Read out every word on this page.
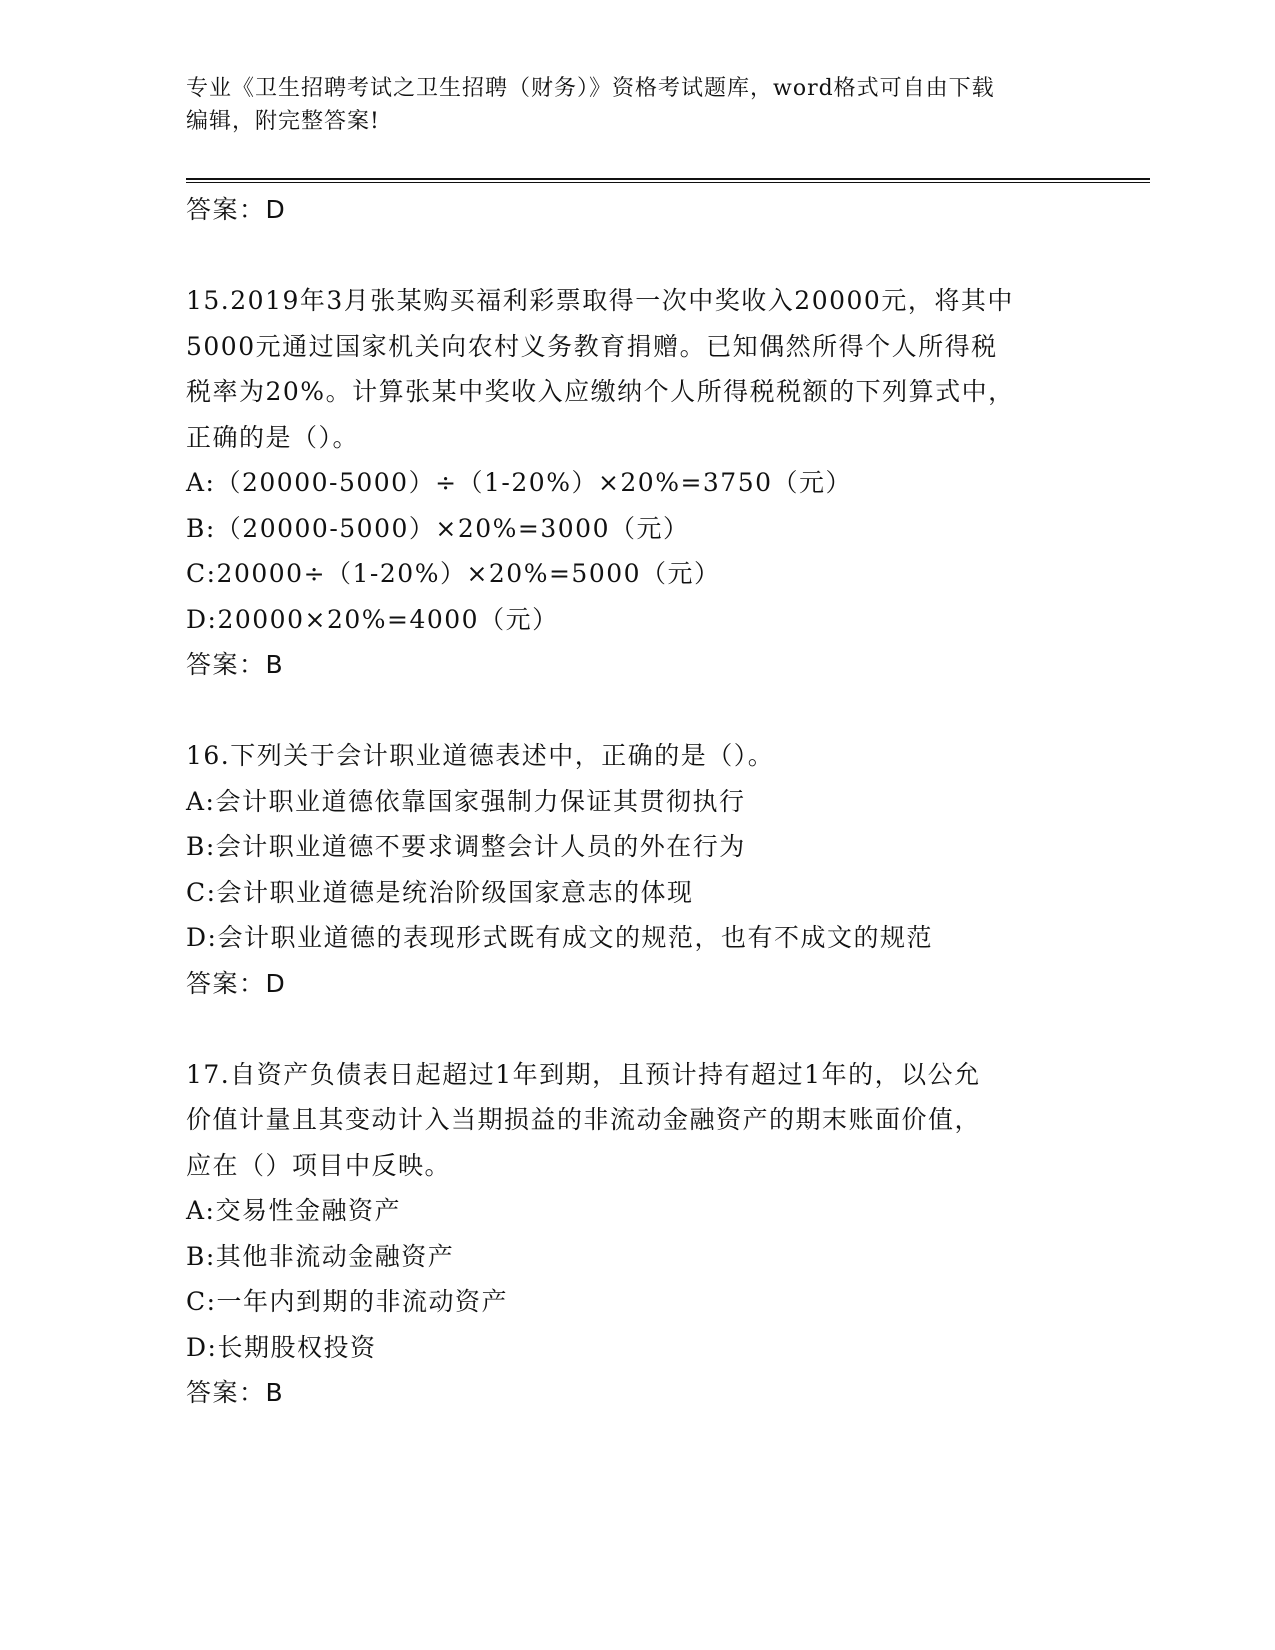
专业《卫生招聘考试之卫生招聘（财务）》资格考试题库，word格式可自由下载
编辑，附完整答案!
答案：D
15.2019年3月张某购买福利彩票取得一次中奖收入20000元，将其中
5000元通过国家机关向农村义务教育捐赠。已知偶然所得个人所得税
税率为20%。计算张某中奖收入应缴纳个人所得税税额的下列算式中，
正确的是（）。
A:（20000-5000）÷（1-20%）×20%=3750（元）
B:（20000-5000）×20%=3000（元）
C:20000÷（1-20%）×20%=5000（元）
D:20000×20%=4000（元）
答案：B
16.下列关于会计职业道德表述中，正确的是（）。
A:会计职业道德依靠国家强制力保证其贯彻执行
B:会计职业道德不要求调整会计人员的外在行为
C:会计职业道德是统治阶级国家意志的体现
D:会计职业道德的表现形式既有成文的规范，也有不成文的规范
答案：D
17.自资产负债表日起超过1年到期，且预计持有超过1年的，以公允
价值计量且其变动计入当期损益的非流动金融资产的期末账面价值，
应在（）项目中反映。
A:交易性金融资产
B:其他非流动金融资产
C:一年内到期的非流动资产
D:长期股权投资
答案：B
